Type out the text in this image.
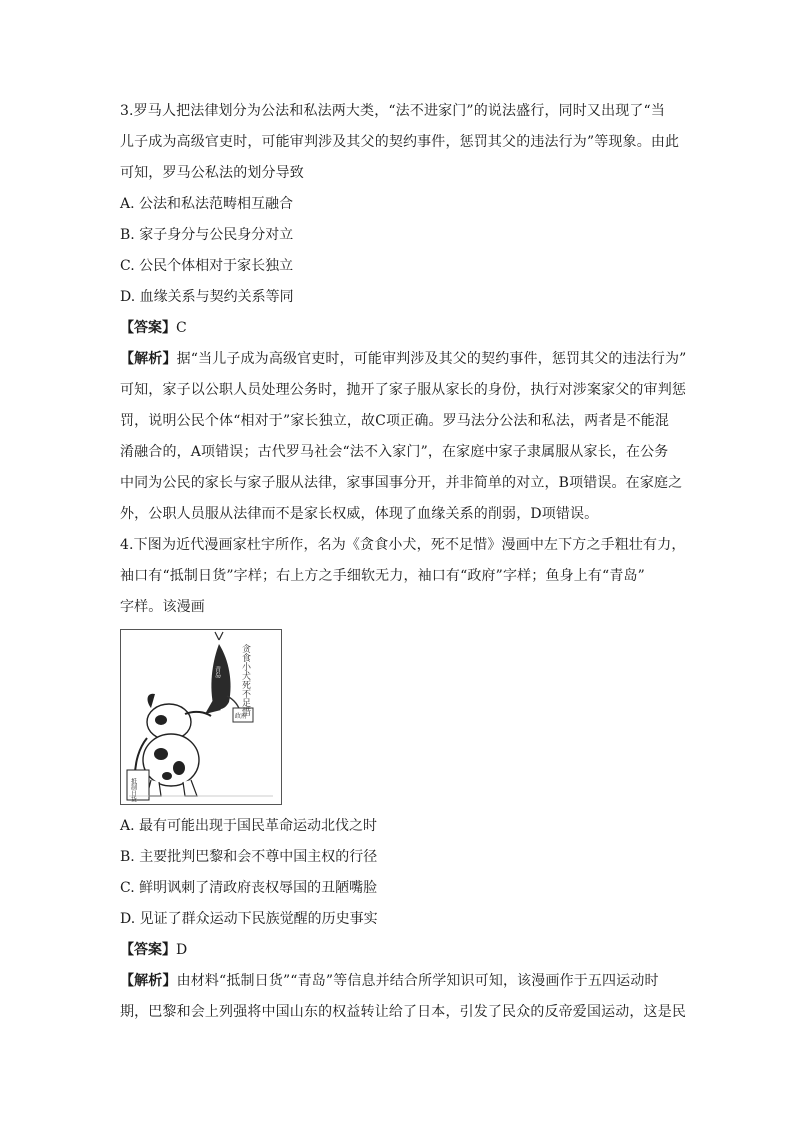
3.罗马人把法律划分为公法和私法两大类，“法不进家门”的说法盛行，同时又出现了“当
儿子成为高级官吏时，可能审判涉及其父的契约事件，惩罚其父的违法行为”等现象。由此
可知，罗马公私法的划分导致
A. 公法和私法范畴相互融合
B. 家子身分与公民身分对立
C. 公民个体相对于家长独立
D. 血缘关系与契约关系等同
【答案】C
【解析】据“当儿子成为高级官吏时，可能审判涉及其父的契约事件，惩罚其父的违法行为”
可知，家子以公职人员处理公务时，抛开了家子服从家长的身份，执行对涉案家父的审判惩
罚，说明公民个体“相对于”家长独立，故C项正确。罗马法分公法和私法，两者是不能混
淆融合的，A项错误；古代罗马社会“法不入家门”，在家庭中家子隶属服从家长，在公务
中同为公民的家长与家子服从法律，家事国事分开，并非简单的对立，B项错误。在家庭之
外，公职人员服从法律而不是家长权威，体现了血缘关系的削弱，D项错误。
4.下图为近代漫画家杜宇所作，名为《贪食小犬，死不足惜》漫画中左下方之手粗壮有力，
袖口有“抵制日货”字样；右上方之手细软无力，袖口有“政府”字样；鱼身上有“青岛”
字样。该漫画
政府
抵制日货
青岛 贪食小犬死不足惜
A. 最有可能出现于国民革命运动北伐之时
B. 主要批判巴黎和会不尊中国主权的行径
C. 鲜明讽刺了清政府丧权辱国的丑陋嘴脸
D. 见证了群众运动下民族觉醒的历史事实
【答案】D
【解析】由材料“抵制日货”“青岛”等信息并结合所学知识可知，该漫画作于五四运动时
期，巴黎和会上列强将中国山东的权益转让给了日本，引发了民众的反帝爱国运动，这是民
